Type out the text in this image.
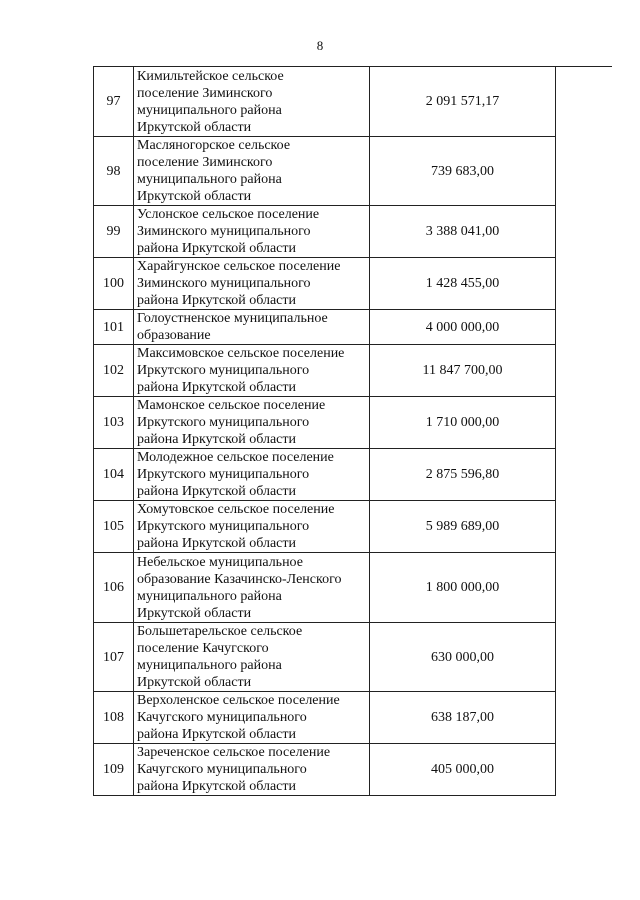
8
97	Кимильтейское сельское
поселение Зиминского
муниципального района
Иркутской области	2 091 571,17
98	Масляногорское сельское
поселение Зиминского
муниципального района
Иркутской области	739 683,00
99	Услонское сельское поселение
Зиминского муниципального
района Иркутской области	3 388 041,00
100	Харайгунское сельское поселение
Зиминского муниципального
района Иркутской области	1 428 455,00
101	Голоустненское муниципальное
образование	4 000 000,00
102	Максимовское сельское поселение
Иркутского муниципального
района Иркутской области	11 847 700,00
103	Мамонское сельское поселение
Иркутского муниципального
района Иркутской области	1 710 000,00
104	Молодежное сельское поселение
Иркутского муниципального
района Иркутской области	2 875 596,80
105	Хомутовское сельское поселение
Иркутского муниципального
района Иркутской области	5 989 689,00
106	Небельское муниципальное
образование Казачинско-Ленского
муниципального района
Иркутской области	1 800 000,00
107	Большетарельское сельское
поселение Качугского
муниципального района
Иркутской области	630 000,00
108	Верхоленское сельское поселение
Качугского муниципального
района Иркутской области	638 187,00
109	Зареченское сельское поселение
Качугского муниципального
района Иркутской области	405 000,00
